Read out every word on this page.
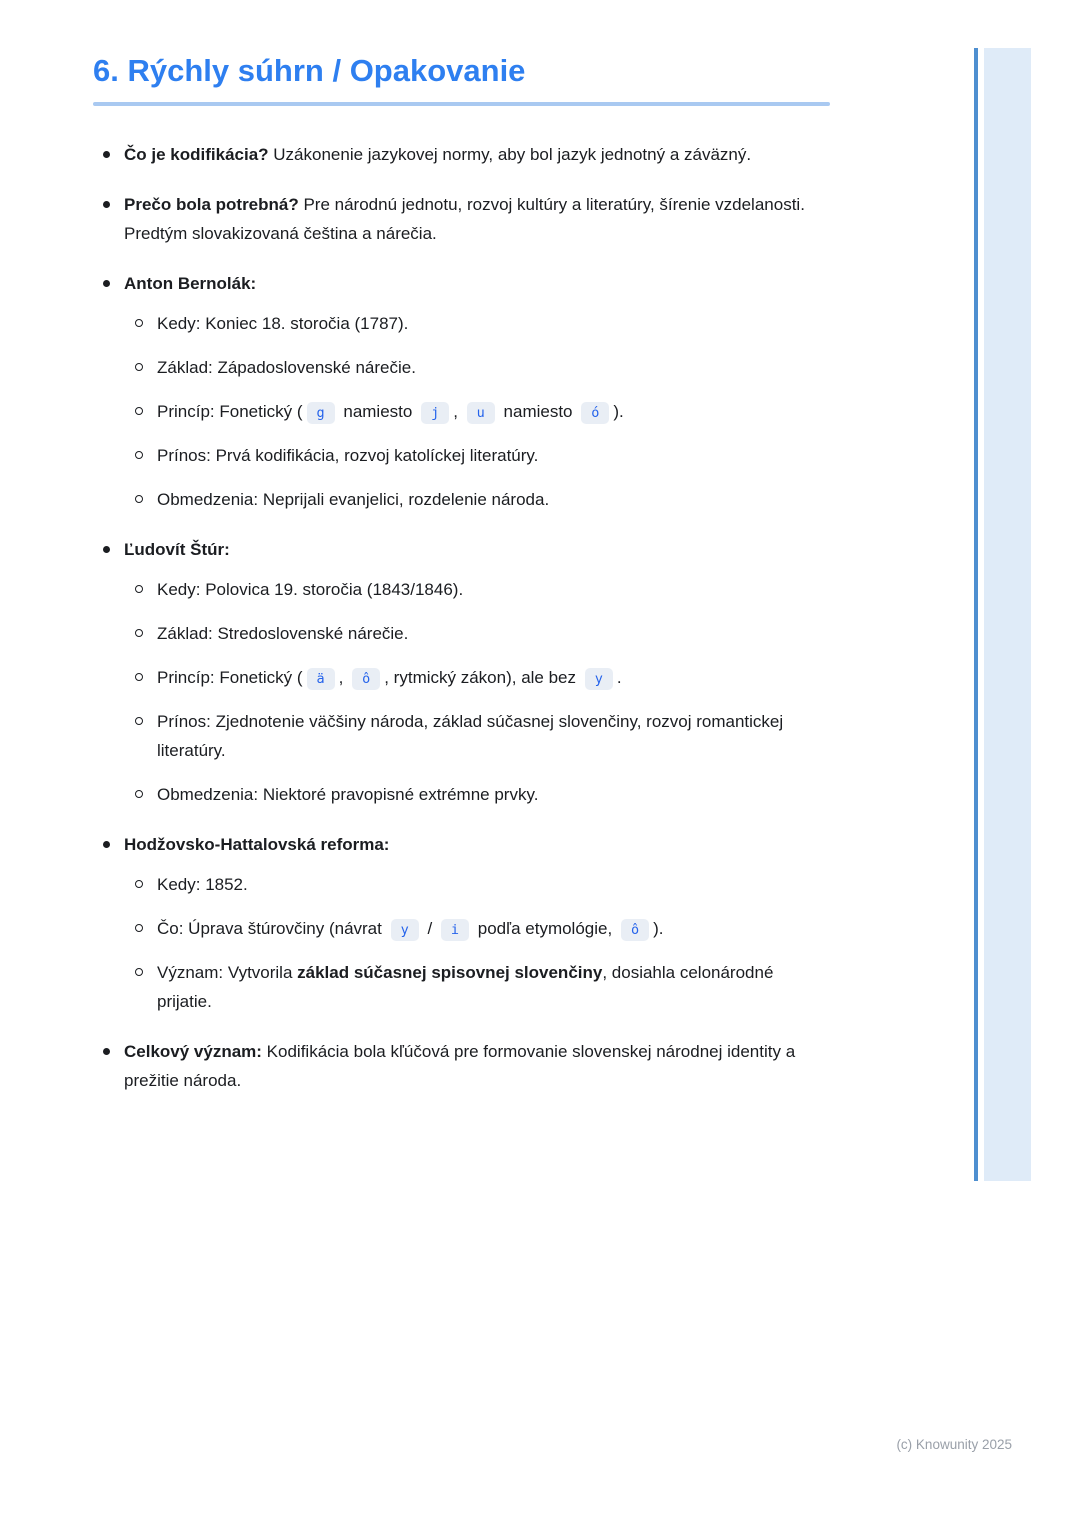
6. Rýchly súhrn / Opakovanie
Čo je kodifikácia? Uzákonenie jazykovej normy, aby bol jazyk jednotný a záväzný.
Prečo bola potrebná? Pre národnú jednotu, rozvoj kultúry a literatúry, šírenie vzdelanosti. Predtým slovakizovaná čeština a nárečia.
Anton Bernolák:
Kedy: Koniec 18. storočia (1787).
Základ: Západoslovenské nárečie.
Princíp: Fonetický ( g namiesto j , u namiesto ó ).
Prínos: Prvá kodifikácia, rozvoj katolíckej literatúry.
Obmedzenia: Neprijali evanjelici, rozdelenie národa.
Ľudovít Štúr:
Kedy: Polovica 19. storočia (1843/1846).
Základ: Stredoslovenské nárečie.
Princíp: Fonetický ( ä , ô , rytmický zákon), ale bez y .
Prínos: Zjednotenie väčšiny národa, základ súčasnej slovenčiny, rozvoj romantickej literatúry.
Obmedzenia: Niektoré pravopisné extrémne prvky.
Hodžovsko-Hattalovská reforma:
Kedy: 1852.
Čo: Úprava štúrovčiny (návrat y / i podľa etymológie, ô ).
Význam: Vytvorila základ súčasnej spisovnej slovenčiny, dosiahla celonárodné prijatie.
Celkový význam: Kodifikácia bola kľúčová pre formovanie slovenskej národnej identity a prežitie národa.
(c) Knowunity 2025
